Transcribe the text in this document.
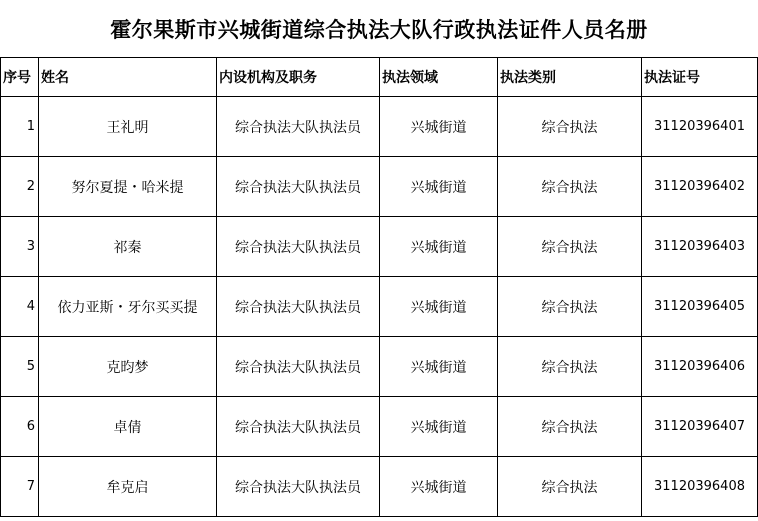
霍尔果斯市兴城街道综合执法大队行政执法证件人员名册
序号	姓名	内设机构及职务	执法领域	执法类别	执法证号
1	王礼明	综合执法大队执法员	兴城街道	综合执法	31120396401
2	努尔夏提・哈米提	综合执法大队执法员	兴城街道	综合执法	31120396402
3	祁秦	综合执法大队执法员	兴城街道	综合执法	31120396403
4	依力亚斯・牙尔买买提	综合执法大队执法员	兴城街道	综合执法	31120396405
5	克昀梦	综合执法大队执法员	兴城街道	综合执法	31120396406
6	卓倩	综合执法大队执法员	兴城街道	综合执法	31120396407
7	牟克启	综合执法大队执法员	兴城街道	综合执法	31120396408
